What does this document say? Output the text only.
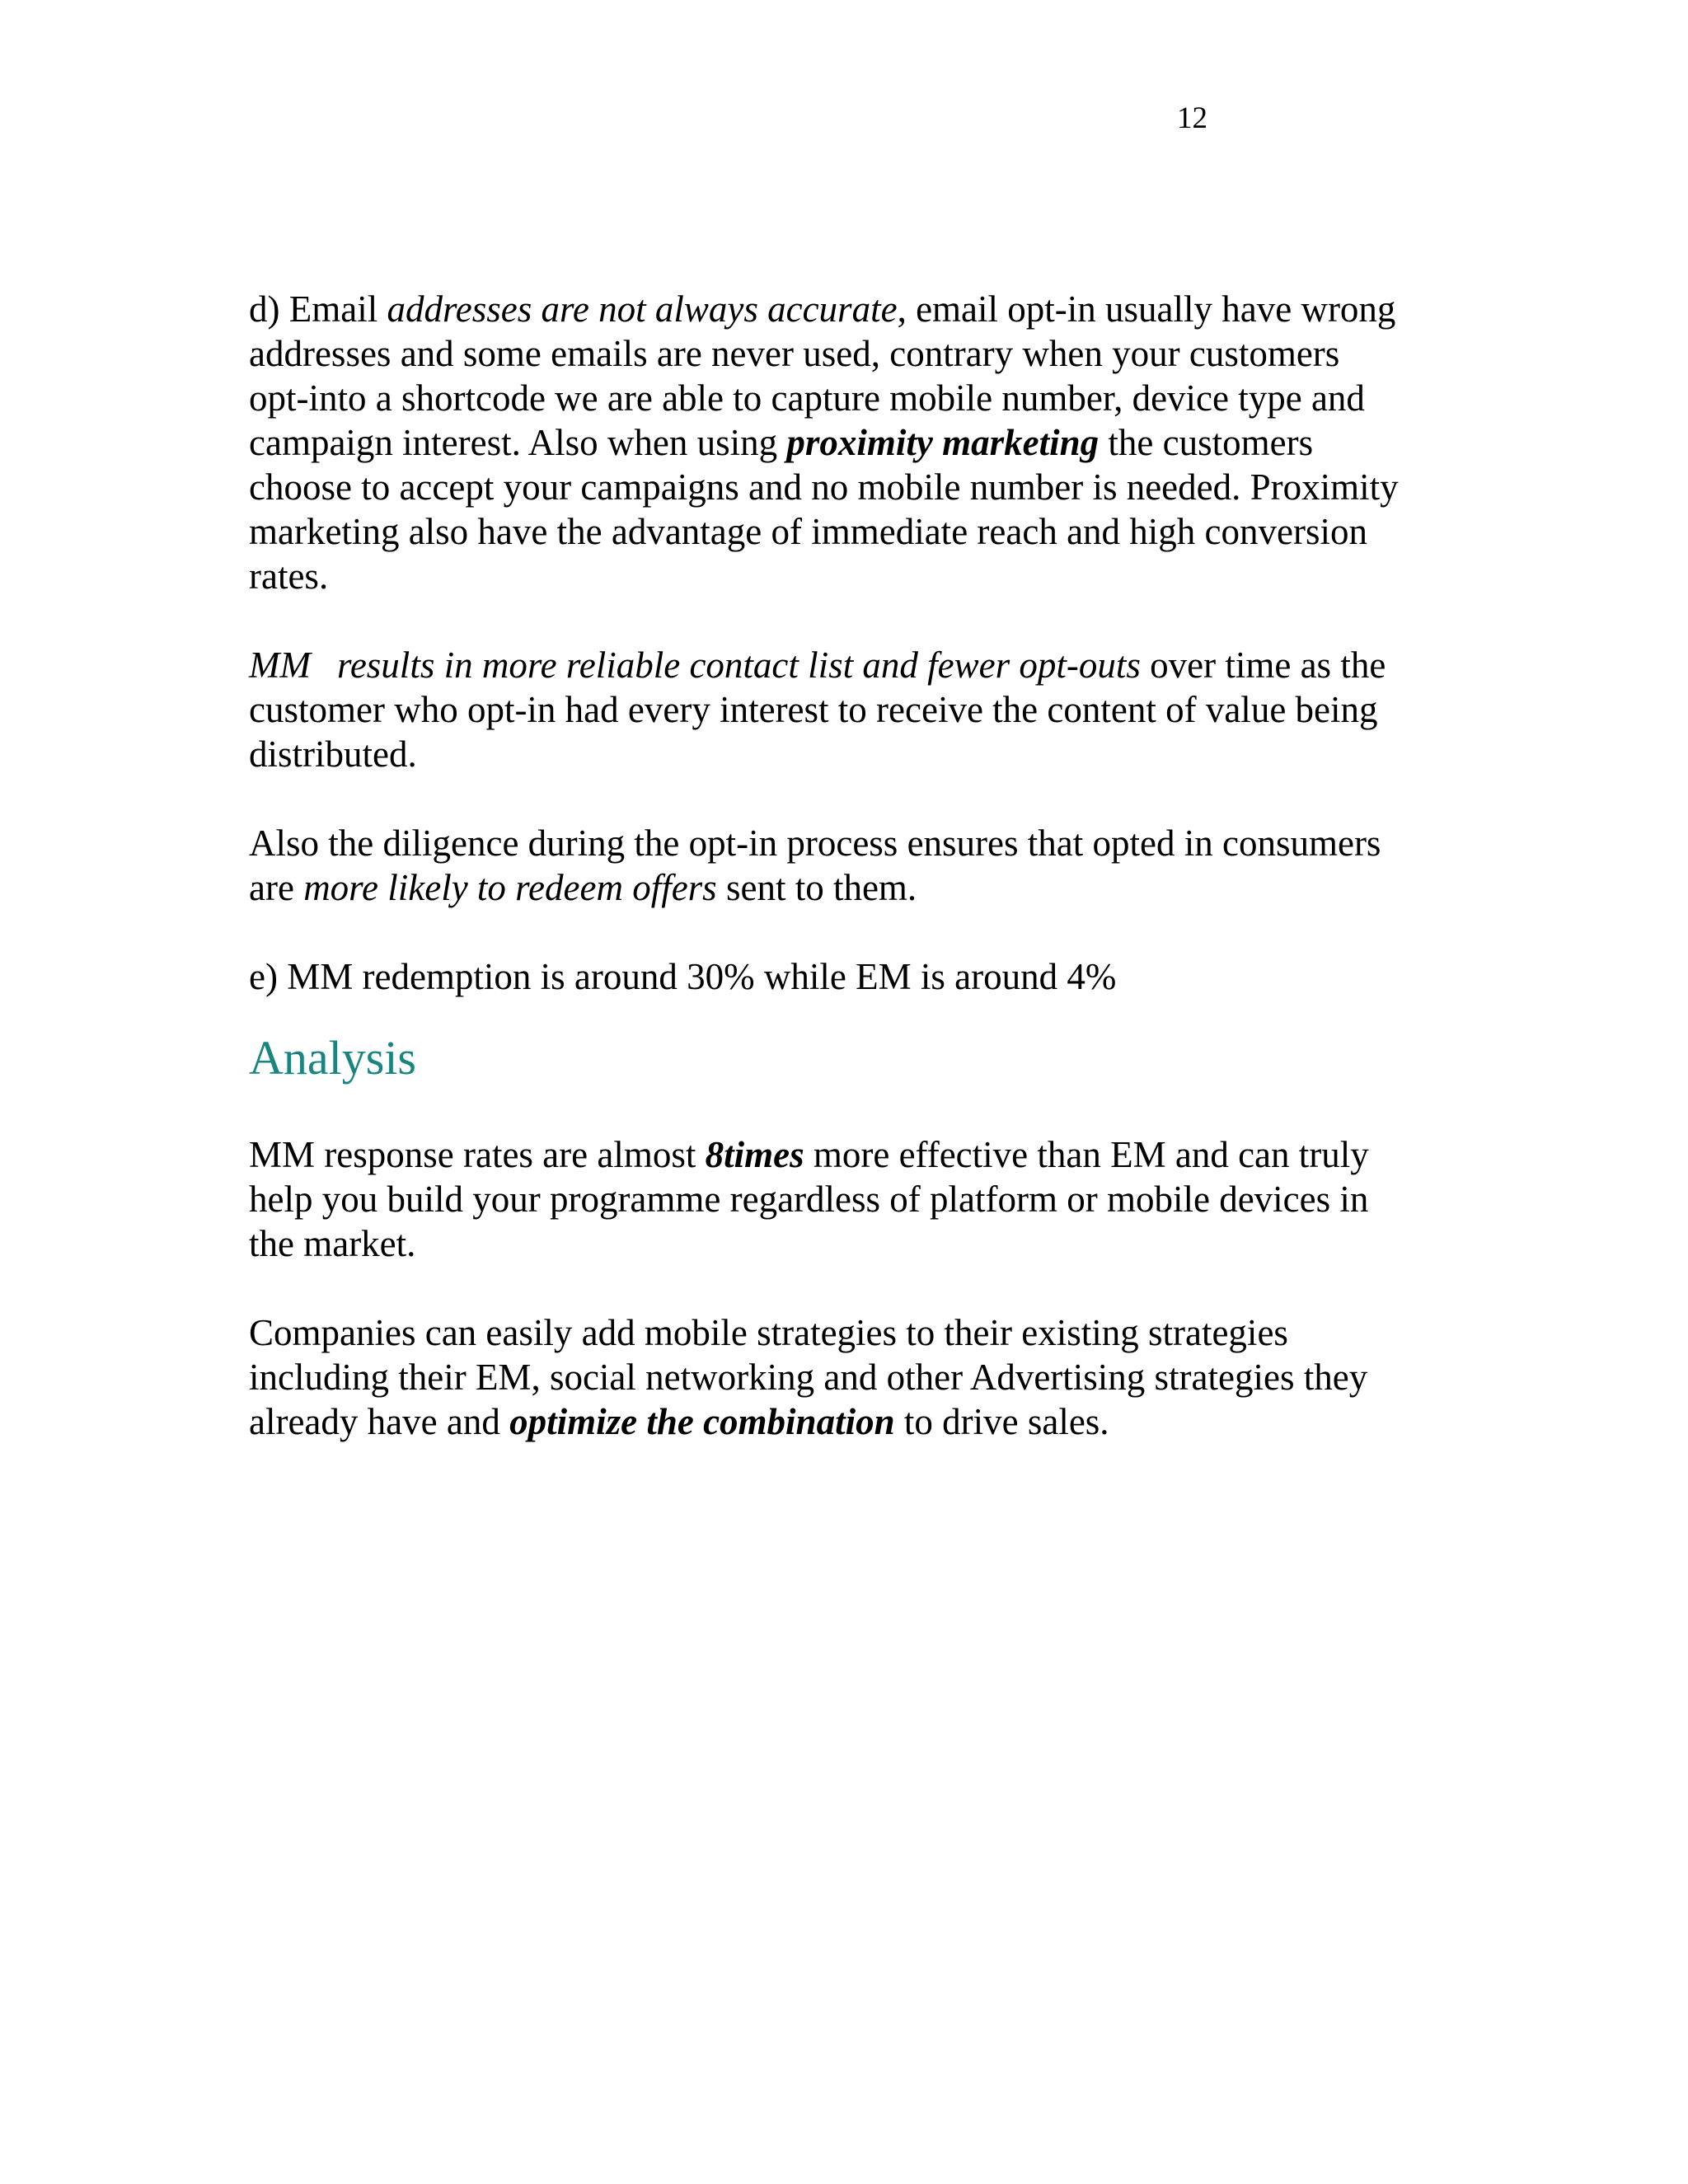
12

d) Email addresses are not always accurate, email opt-in usually have wrong
addresses and some emails are never used, contrary when your customers
opt-into a shortcode we are able to capture mobile number, device type and
campaign interest. Also when using proximity marketing the customers
choose to accept your campaigns and no mobile number is needed. Proximity
marketing also have the advantage of immediate reach and high conversion
rates.

MM results in more reliable contact list and fewer opt-outs over time as the
customer who opt-in had every interest to receive the content of value being
distributed.

Also the diligence during the opt-in process ensures that opted in consumers
are more likely to redeem offers sent to them.

e) MM redemption is around 30% while EM is around 4%

Analysis

MM response rates are almost 8times more effective than EM and can truly
help you build your programme regardless of platform or mobile devices in
the market.

Companies can easily add mobile strategies to their existing strategies
including their EM, social networking and other Advertising strategies they
already have and optimize the combination to drive sales.
